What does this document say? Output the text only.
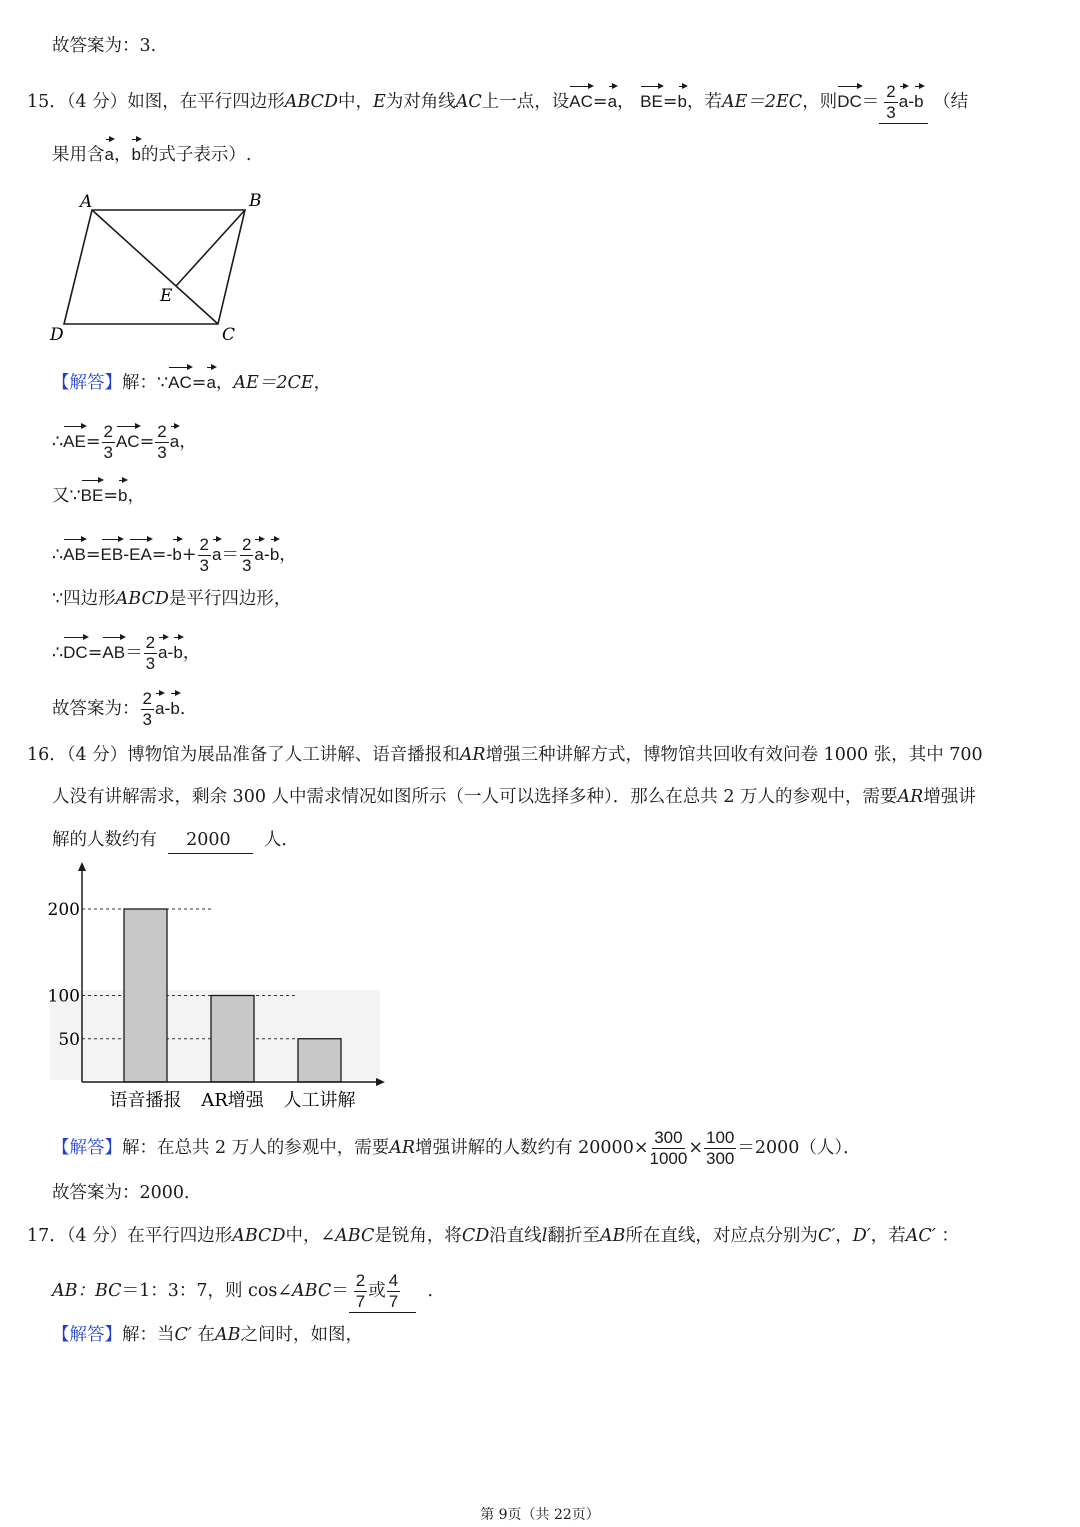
故答案为：3.
15．（4 分）如图，在平行四边形ABCD中，E为对角线AC上一点，设AC=a， BE=b，若AE＝2EC，则$DC= \frac{2}{3} a-b$ （结
果用含a，b的式子表示）.
A	B
C
D
E
【解答】解：∵AC=a，AE＝2CE，
∴AE= $\frac{2}{3} AC= \frac{2}{3}$ a，
又∵BE=b，
∴AB=EB-EA=-b+ $\frac{2}{3} a= \frac{2}{3} a-b$，
∵四边形ABCD是平行四边形，
∴DC=AB＝ $\frac{2}{3} a-b$，
故答案为： $\frac{2}{3} a-b$.
16．（4 分）博物馆为展品准备了人工讲解、语音播报和AR增强三种讲解方式，博物馆共回收有效问卷 1000 张，其中 700
人没有讲解需求，剩余 300 人中需求情况如图所示（一人可以选择多种）．那么在总共 2 万人的参观中，需要AR增强讲
解的人数约有 2000 人．
50
100
200
语音播报 AR增强 人工讲解
【解答】解：在总共 2 万人的参观中，需要AR增强讲解的人数约有 $20000\times \frac{300}{1000} \times \frac{100}{300} =2000$（人）．
故答案为：2000．
17．（4 分）在平行四边形ABCD中，∠ABC是锐角，将CD沿直线l翻折至AB所在直线，对应点分别为C′，D′，若AC′ ：
AB：BC＝1：3：7，则 cos∠ABC＝ $\frac{2}{7}$ 或 $\frac{4}{7}$ ．
【解答】解：当C′ 在AB之间时，如图，
第 9页（共 22页）
